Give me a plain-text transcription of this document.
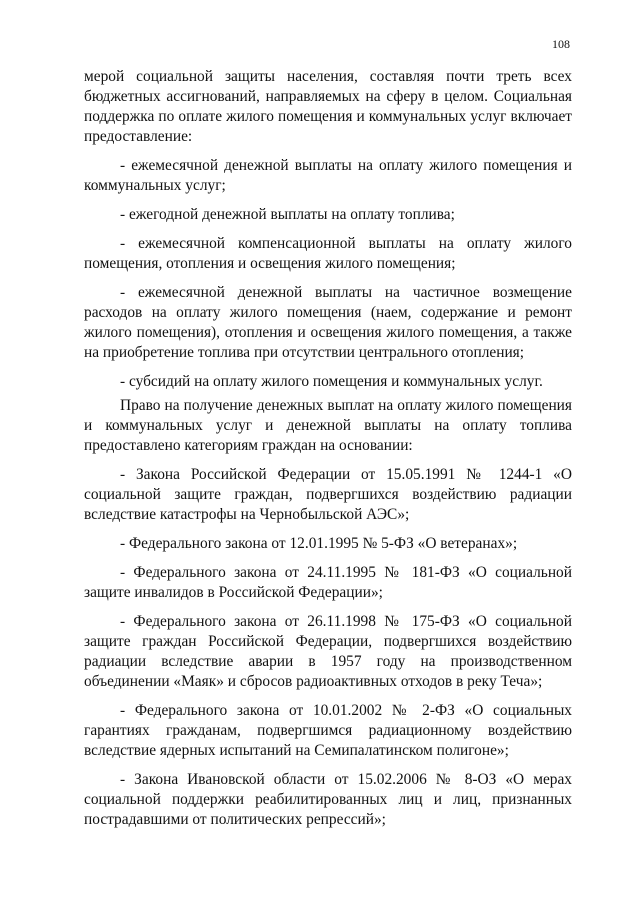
108

мерой социальной защиты населения, составляя почти треть всех бюджетных ассигнований, направляемых на сферу в целом. Социальная поддержка по оплате жилого помещения и коммунальных услуг включает предоставление:

- ежемесячной денежной выплаты на оплату жилого помещения и коммунальных услуг;

- ежегодной денежной выплаты на оплату топлива;

- ежемесячной компенсационной выплаты на оплату жилого помещения, отопления и освещения жилого помещения;

- ежемесячной денежной выплаты на частичное возмещение расходов на оплату жилого помещения (наем, содержание и ремонт жилого помещения), отопления и освещения жилого помещения, а также на приобретение топлива при отсутствии центрального отопления;

- субсидий на оплату жилого помещения и коммунальных услуг.

Право на получение денежных выплат на оплату жилого помещения и коммунальных услуг и денежной выплаты на оплату топлива предоставлено категориям граждан на основании:

- Закона Российской Федерации от 15.05.1991 № 1244-1 «О социальной защите граждан, подвергшихся воздействию радиации вследствие катастрофы на Чернобыльской АЭС»;

- Федерального закона от 12.01.1995 № 5-ФЗ «О ветеранах»;

- Федерального закона от 24.11.1995 № 181-ФЗ «О социальной защите инвалидов в Российской Федерации»;

- Федерального закона от 26.11.1998 № 175-ФЗ «О социальной защите граждан Российской Федерации, подвергшихся воздействию радиации вследствие аварии в 1957 году на производственном объединении «Маяк» и сбросов радиоактивных отходов в реку Теча»;

- Федерального закона от 10.01.2002 № 2-ФЗ «О социальных гарантиях гражданам, подвергшимся радиационному воздействию вследствие ядерных испытаний на Семипалатинском полигоне»;

- Закона Ивановской области от 15.02.2006 № 8-ОЗ «О мерах социальной поддержки реабилитированных лиц и лиц, признанных пострадавшими от политических репрессий»;
